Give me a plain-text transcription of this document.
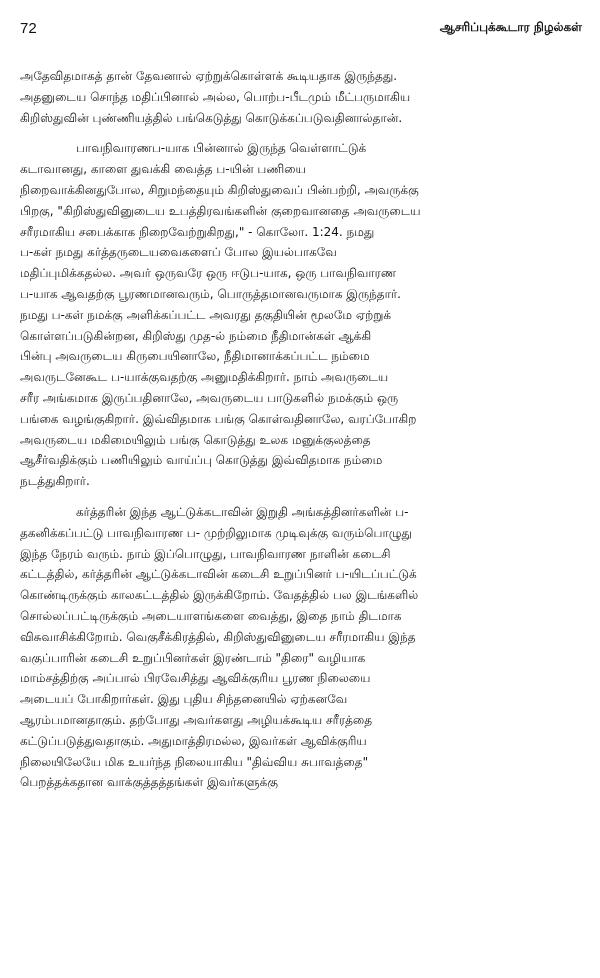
72	ஆசரிப்புக்கூடார நிழல்கள்

அதேவிதமாகத் தான் தேவனால் ஏற்றுக்கொள்ளக் கூடியதாக இருந்தது.
அதனுடைய சொந்த மதிப்பினால் அல்ல, பொற்ப-பீடமும் மீட்பருமாகிய
கிறிஸ்துவின் புண்ணியத்தில் பங்கெடுத்து கொடுக்கப்படுவதினால்தான்.

பாவநிவாரணப-யாக பின்னால் இருந்த வெள்ளாட்டுக்
கடாவானது, காளை துவக்கி வைத்த ப-யின் பணியை
நிறைவாக்கினதுபோல, சிறுமந்தையும் கிறிஸ்துவைப் பின்பற்றி, அவருக்கு
பிறகு, "கிறிஸ்துவினுடைய உபத்திரவங்களின் குறைவானதை அவருடைய
சரீரமாகிய சபைக்காக நிறைவேற்றுகிறது," - கொலோ. 1:24. நமது
ப-கள் நமது கர்த்தருடையவைகளைப் போல இயல்பாகவே
மதிப்புமிக்கதல்ல. அவர் ஒருவரே ஒரு ஈடுப-யாக, ஒரு பாவநிவாரண
ப-யாக ஆவதற்கு பூரணமானவரும், பொருத்தமானவருமாக இருந்தார்.
நமது ப-கள் நமக்கு அளிக்கப்பட்ட அவரது தகுதியின் மூலமே ஏற்றுக்
கொள்ளப்படுகின்றன, கிறிஸ்து முத-ல் நம்மை நீதிமான்கள் ஆக்கி
பின்பு அவருடைய கிருபையினாலே, நீதிமானாக்கப்பட்ட நம்மை
அவருடனேகூட ப-யாக்குவதற்கு அனுமதிக்கிறார். நாம் அவருடைய
சரீர அங்கமாக இருப்பதினாலே, அவருடைய பாடுகளில் நமக்கும் ஒரு
பங்கை வழங்குகிறார். இவ்விதமாக பங்கு கொள்வதினாலே, வரப்போகிற
அவருடைய மகிமையிலும் பங்கு கொடுத்து உலக மனுக்குலத்தை
ஆசீர்வதிக்கும் பணியிலும் வாய்ப்பு கொடுத்து இவ்விதமாக நம்மை
நடத்துகிறார்.

கர்த்தரின் இந்த ஆட்டுக்கடாவின் இறுதி அங்கத்தினர்களின் ப-
தகனிக்கப்பட்டு பாவநிவாரண ப- முற்றிலுமாக முடிவுக்கு வரும்பொழுது
இந்த நேரம் வரும். நாம் இப்பொழுது, பாவநிவாரண நாளின் கடைசி
கட்டத்தில், கர்த்தரின் ஆட்டுக்கடாவின் கடைசி உறுப்பினர் ப-யிடப்பட்டுக்
கொண்டிருக்கும் காலகட்டத்தில் இருக்கிறோம். வேதத்தில் பல இடங்களில்
சொல்லப்பட்டிருக்கும் அடையாளங்களை வைத்து, இதை நாம் திடமாக
விசுவாசிக்கிறோம். வெகுசீக்கிரத்தில், கிறிஸ்துவினுடைய சரீரமாகிய இந்த
வகுப்பாரின் கடைசி உறுப்பினர்கள் இரண்டாம் "திரை" வழியாக
மாம்சத்திற்கு அப்பால் பிரவேசித்து ஆவிக்குரிய பூரண நிலையை
அடையப் போகிறார்கள். இது புதிய சிந்தனையில் ஏற்கனவே
ஆரம்பமானதாகும். தற்போது அவர்களது அழியக்கூடிய சரீரத்தை
கட்டுப்படுத்துவதாகும். அதுமாத்திரமல்ல, இவர்கள் ஆவிக்குரிய
நிலையிலேயே மிக உயர்ந்த நிலையாகிய "திவ்விய சுபாவத்தை"
பெறத்தக்கதான வாக்குத்தத்தங்கள் இவர்களுக்கு
